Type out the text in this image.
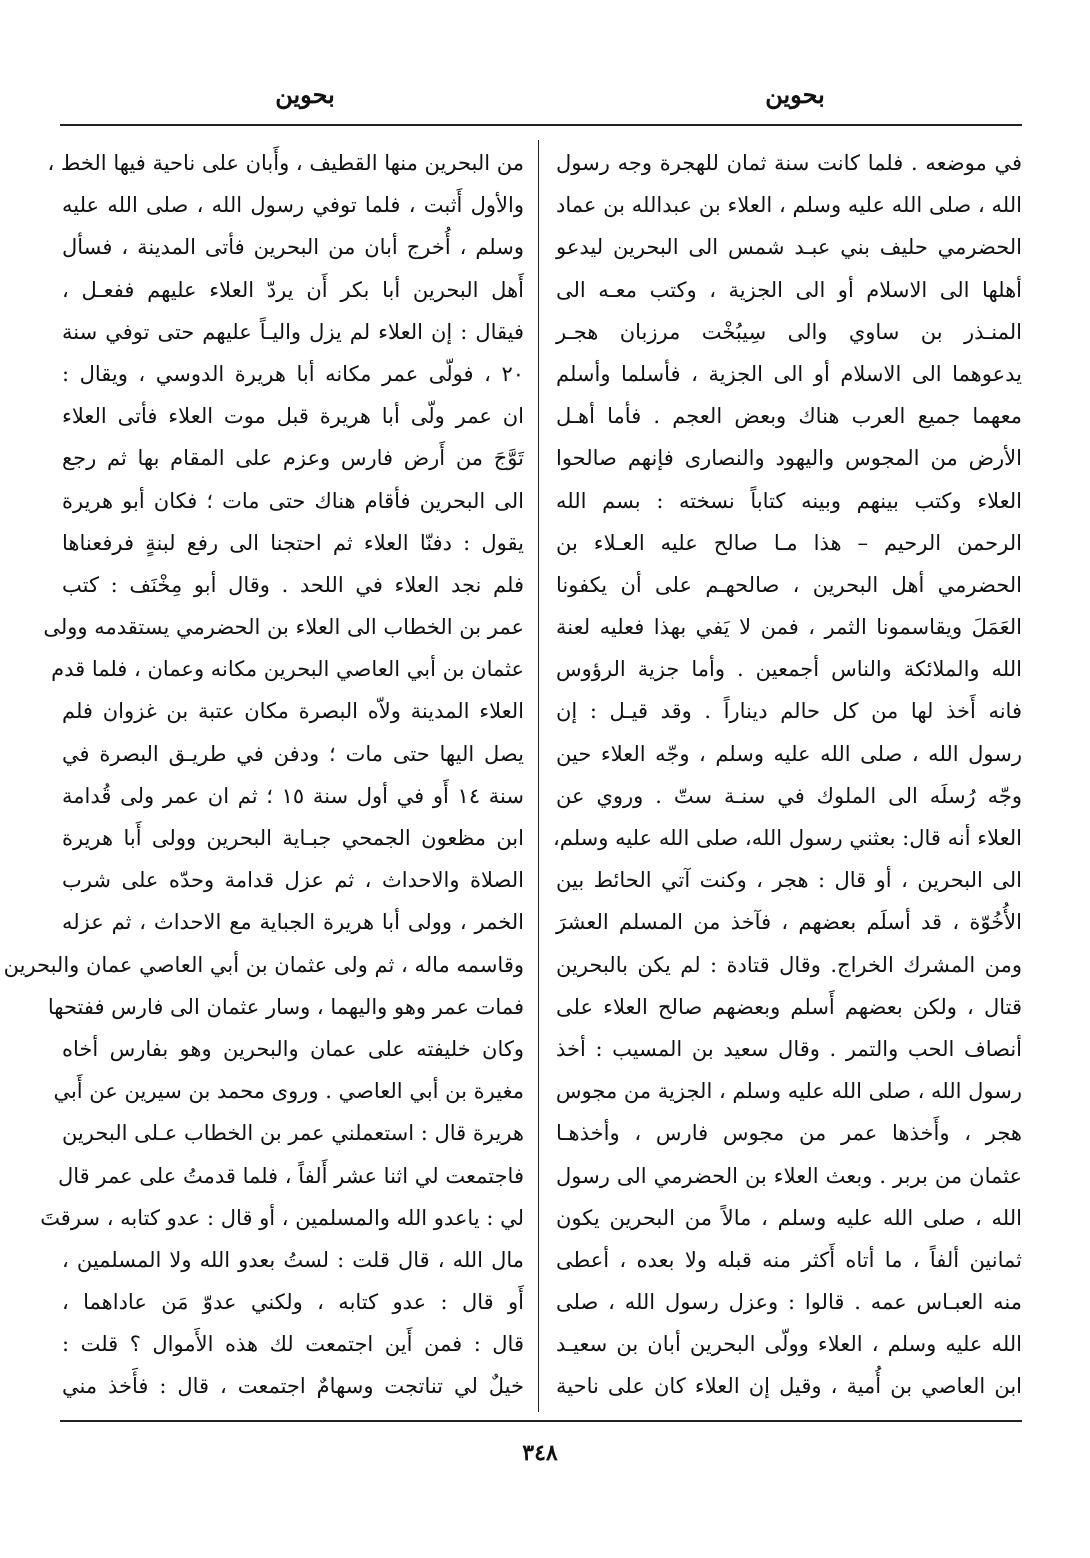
بحوين
بحوين
في موضعه . فلما كانت سنة ثمان للهجرة وجه رسول
الله ، صلى الله عليه وسلم ، العلاء بن عبدالله بن عماد
الحضرمي حليف بني عبـد شمس الى البحرين ليدعو
أهلها الى الاسلام أو الى الجزية ، وكتب معـه الى
المنـذر بن ساوي والى سِيبُخْت مرزبان هجـر
يدعوهما الى الاسلام أو الى الجزية ، فأسلما وأسلم
معهما جميع العرب هناك وبعض العجم . فأما أهـل
الأرض من المجوس واليهود والنصارى فإنهم صالحوا
العلاء وكتب بينهم وبينه كتاباً نسخته : بسم الله
الرحمن الرحيم – هذا مـا صالح عليه العـلاء بن
الحضرمي أهل البحرين ، صالحهـم على أن يكفونا
العَمَلَ ويقاسمونا الثمر ، فمن لا يَفي بهذا فعليه لعنة
الله والملائكة والناس أجمعين . وأما جزية الرؤوس
فانه أَخذ لها من كل حالم ديناراً . وقد قيـل : إن
رسول الله ، صلى الله عليه وسلم ، وجّه العلاء حين
وجّه رُسلَه الى الملوك في سنـة ستّ . وروي عن
العلاء أنه قال: بعثني رسول الله، صلى الله عليه وسلم،
الى البحرين ، أو قال : هجر ، وكنت آتي الحائط بين
الأُخُوّة ، قد أسلَم بعضهم ، فآخذ من المسلم العشرَ
ومن المشرك الخراج. وقال قتادة : لم يكن بالبحرين
قتال ، ولكن بعضهم أَسلم وبعضهم صالح العلاء على
أنصاف الحب والتمر . وقال سعيد بن المسيب : أخذ
رسول الله ، صلى الله عليه وسلم ، الجزية من مجوس
هجر ، وأَخذها عمر من مجوس فارس ، وأخذهـا
عثمان من بربر . وبعث العلاء بن الحضرمي الى رسول
الله ، صلى الله عليه وسلم ، مالاً من البحرين يكون
ثمانين ألفاً ، ما أتاه أَكثر منه قبله ولا بعده ، أعطى
منه العبـاس عمه . قالوا : وعزل رسول الله ، صلى
الله عليه وسلم ، العلاء وولّى البحرين أبان بن سعيـد
ابن العاصي بن أُمية ، وقيل إن العلاء كان على ناحية
من البحرين منها القطيف ، وأَبان على ناحية فيها الخط ،
والأول أَثبت ، فلما توفي رسول الله ، صلى الله عليه
وسلم ، أُخرج أبان من البحرين فأتى المدينة ، فسأل
أَهل البحرين أبا بكر أَن يردّ العلاء عليهم ففعـل ،
فيقال : إن العلاء لم يزل واليـاً عليهم حتى توفي سنة
٢٠ ، فولّى عمر مكانه أبا هريرة الدوسي ، ويقال :
ان عمر ولّى أبا هريرة قبل موت العلاء فأتى العلاء
تَوَّجَ من أَرض فارس وعزم على المقام بها ثم رجع
الى البحرين فأقام هناك حتى مات ؛ فكان أبو هريرة
يقول : دفنّا العلاء ثم احتجنا الى رفع لبنةٍ فرفعناها
فلم نجد العلاء في اللحد . وقال أبو مِخْنَف : كتب
عمر بن الخطاب الى العلاء بن الحضرمي يستقدمه وولى
عثمان بن أبي العاصي البحرين مكانه وعمان ، فلما قدم
العلاء المدينة ولاّه البصرة مكان عتبة بن غزوان فلم
يصل اليها حتى مات ؛ ودفن في طريـق البصرة في
سنة ١٤ أَو في أول سنة ١٥ ؛ ثم ان عمر ولى قُدامة
ابن مظعون الجمحي جبـاية البحرين وولى أَبا هريرة
الصلاة والاحداث ، ثم عزل قدامة وحدّه على شرب
الخمر ، وولى أبا هريرة الجباية مع الاحداث ، ثم عزله
وقاسمه ماله ، ثم ولى عثمان بن أبي العاصي عمان والبحرين
فمات عمر وهو واليهما ، وسار عثمان الى فارس ففتحها
وكان خليفته على عمان والبحرين وهو بفارس أخاه
مغيرة بن أبي العاصي . وروى محمد بن سيرين عن أَبي
هريرة قال : استعملني عمر بن الخطاب عـلى البحرين
فاجتمعت لي اثنا عشر أَلفاً ، فلما قدمتُ على عمر قال
لي : ياعدو الله والمسلمين ، أو قال : عدو كتابه ، سرقتَ
مال الله ، قال قلت : لستُ بعدو الله ولا المسلمين ،
أَو قال : عدو كتابه ، ولكني عدوّ مَن عاداهما ،
قال : فمن أَين اجتمعت لك هذه الأَموال ؟ قلت :
خيلٌ لي تناتجت وسهامٌ اجتمعت ، قال : فأَخذ مني
٣٤٨
